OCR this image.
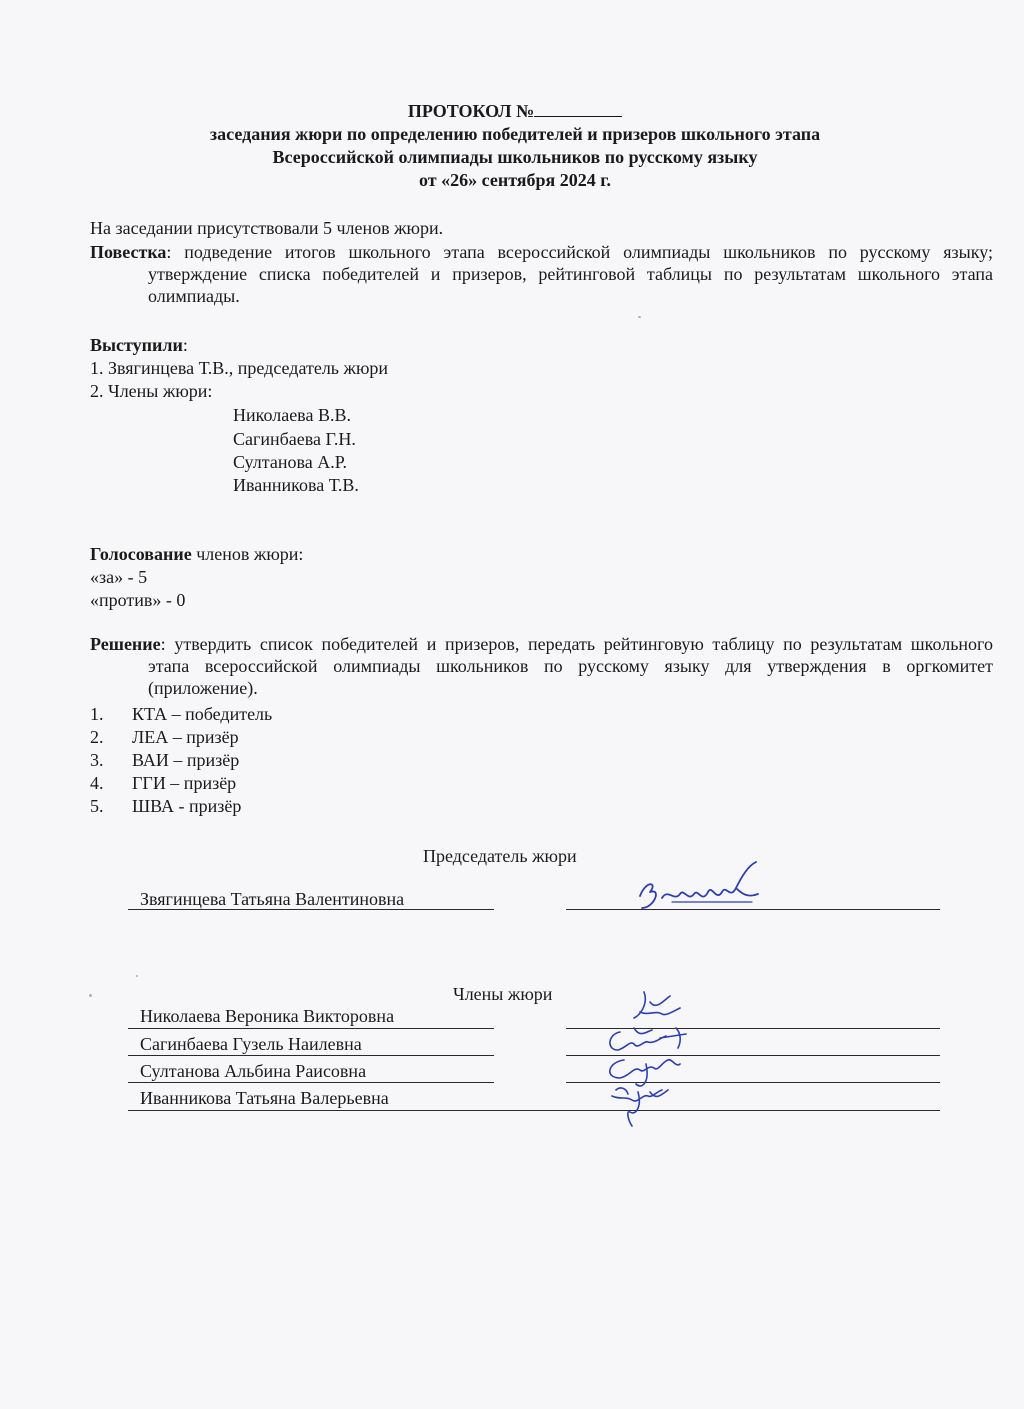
ПРОТОКОЛ №
заседания жюри по определению победителей и призеров школьного этапа
Всероссийской олимпиады школьников по русскому языку
от «26» сентября 2024 г.
На заседании присутствовали 5 членов жюри.
Повестка: подведение итогов школьного этапа всероссийской олимпиады школьников по русскому языку; утверждение списка победителей и призеров, рейтинговой таблицы по результатам школьного этапа олимпиады.
Выступили:
1. Звягинцева Т.В., председатель жюри
2. Члены жюри:
Николаева В.В.
Сагинбаева Г.Н.
Султанова А.Р.
Иванникова Т.В.
Голосование членов жюри:
«за» - 5
«против» - 0
Решение: утвердить список победителей и призеров, передать рейтинговую таблицу по результатам школьного этапа всероссийской олимпиады школьников по русскому языку для утверждения в оргкомитет (приложение).
1.	КТА – победитель
2.	ЛЕА – призёр
3.	ВАИ – призёр
4.	ГГИ – призёр
5.	ШВА - призёр
Председатель жюри
Звягинцева Татьяна Валентиновна
Члены жюри
Николаева Вероника Викторовна
Сагинбаева Гузель Наилевна
Султанова Альбина Раисовна
Иванникова Татьяна Валерьевна
